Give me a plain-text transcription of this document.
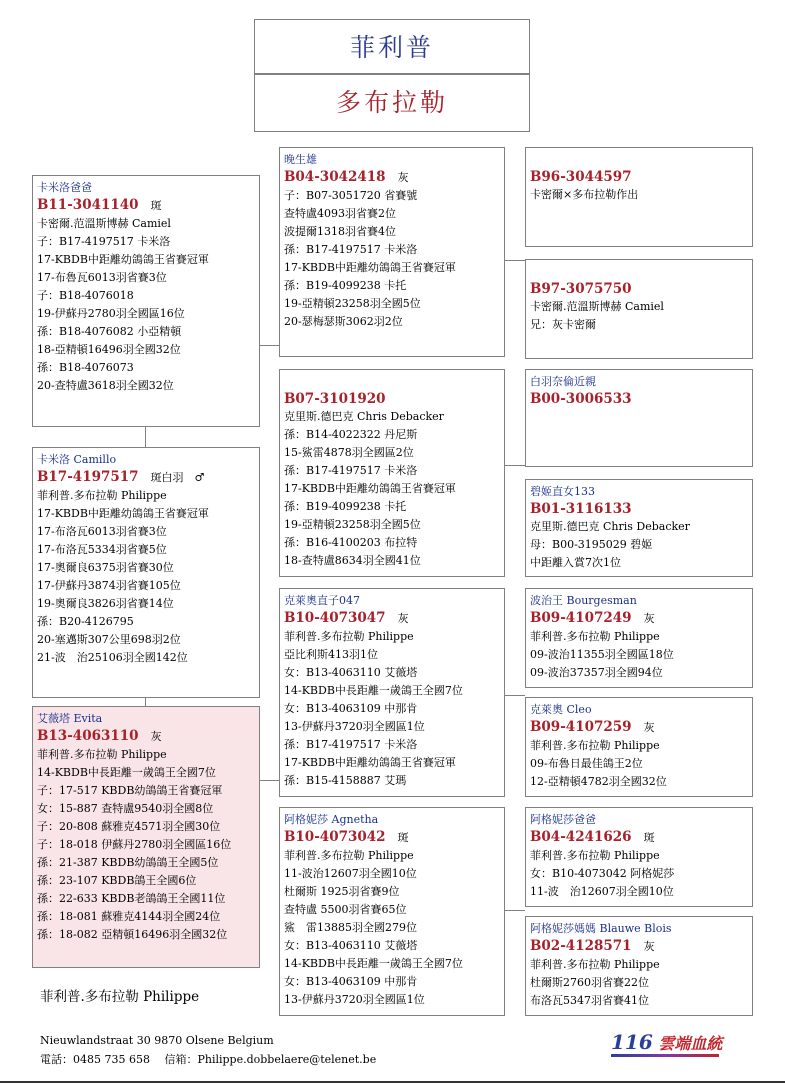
菲利普
多布拉勒
卡米洛爸爸
B11-3041140 斑
卡密爾.范溫斯博赫 Camiel
子：B17-4197517 卡米洛
17-KBDB中距離幼鴿鴿王省賽冠軍
17-布魯瓦6013羽省賽3位
子：B18-4076018
19-伊蘇丹2780羽全國區16位
孫：B18-4076082 小亞精頓
18-亞精頓16496羽全國32位
孫：B18-4076073
20-查特盧3618羽全國32位
卡米洛 Camillo
B17-4197517 斑白羽　♂
菲利普.多布拉勒 Philippe
17-KBDB中距離幼鴿鴿王省賽冠軍
17-布洛瓦6013羽省賽3位
17-布洛瓦5334羽省賽5位
17-奧爾良6375羽省賽30位
17-伊蘇丹3874羽省賽105位
19-奧爾良3826羽省賽14位
孫：B20-4126795
20-塞邁斯307公里698羽2位
21-波　治25106羽全國142位
艾薇塔 Evita
B13-4063110 灰
菲利普.多布拉勒 Philippe
14-KBDB中長距離一歲鴿王全國7位
子：17-517 KBDB幼鴿鴿王省賽冠軍
女：15-887 查特盧9540羽全國8位
子：20-808 蘇雅克4571羽全國30位
子：18-018 伊蘇丹2780羽全國區16位
孫：21-387 KBDB幼鴿鴿王全國5位
孫：23-107 KBDB鴿王全國6位
孫：22-633 KBDB老鴿鴿王全國11位
孫：18-081 蘇雅克4144羽全國24位
孫：18-082 亞精頓16496羽全國32位
晚生雄
B04-3042418 灰
子：B07-3051720 省賽號
查特盧4093羽省賽2位
波提爾1318羽省賽4位
孫：B17-4197517 卡米洛
17-KBDB中距離幼鴿鴿王省賽冠軍
孫：B19-4099238 卡托
19-亞精頓23258羽全國5位
20-瑟梅瑟斯3062羽2位

B07-3101920
克里斯.德巴克 Chris Debacker
孫：B14-4022322 丹尼斯
15-鯊雷4878羽全國區2位
孫：B17-4197517 卡米洛
17-KBDB中距離幼鴿鴿王省賽冠軍
孫：B19-4099238 卡托
19-亞精頓23258羽全國5位
孫：B16-4100203 布拉特
18-查特盧8634羽全國41位
克萊奧直子047
B10-4073047 灰
菲利普.多布拉勒 Philippe
亞比利斯413羽1位
女：B13-4063110 艾薇塔
14-KBDB中長距離一歲鴿王全國7位
女：B13-4063109 中那肯
13-伊蘇丹3720羽全國區1位
孫：B17-4197517 卡米洛
17-KBDB中距離幼鴿鴿王省賽冠軍
孫：B15-4158887 艾瑪
阿格妮莎 Agnetha
B10-4073042 斑
菲利普.多布拉勒 Philippe
11-波治12607羽全國10位
杜爾斯 1925羽省賽9位
查特盧 5500羽省賽65位
鯊　雷13885羽全國279位
女：B13-4063110 艾薇塔
14-KBDB中長距離一歲鴿王全國7位
女：B13-4063109 中那肯
13-伊蘇丹3720羽全國區1位

B96-3044597
卡密爾×多布拉勒作出

B97-3075750
卡密爾.范溫斯博赫 Camiel
兄：灰卡密爾
白羽奈倫近親
B00-3006533
碧姬直女133
B01-3116133
克里斯.德巴克 Chris Debacker
母：B00-3195029 碧姬
中距離入賞7次1位
波治王 Bourgesman
B09-4107249 灰
菲利普.多布拉勒 Philippe
09-波治11355羽全國區18位
09-波治37357羽全國94位
克萊奧 Cleo
B09-4107259 灰
菲利普.多布拉勒 Philippe
09-布魯日最佳鴿王2位
12-亞精頓4782羽全國32位
阿格妮莎爸爸
B04-4241626 斑
菲利普.多布拉勒 Philippe
女：B10-4073042 阿格妮莎
11-波　治12607羽全國10位
阿格妮莎媽媽 Blauwe Blois
B02-4128571 灰
菲利普.多布拉勒 Philippe
杜爾斯2760羽省賽22位
布洛瓦5347羽省賽41位
菲利普.多布拉勒 Philippe
Nieuwlandstraat 30 9870 Olsene Belgium
電話：0485 735 658　 信箱：Philippe.dobbelaere@telenet.be
116 雲端血統
